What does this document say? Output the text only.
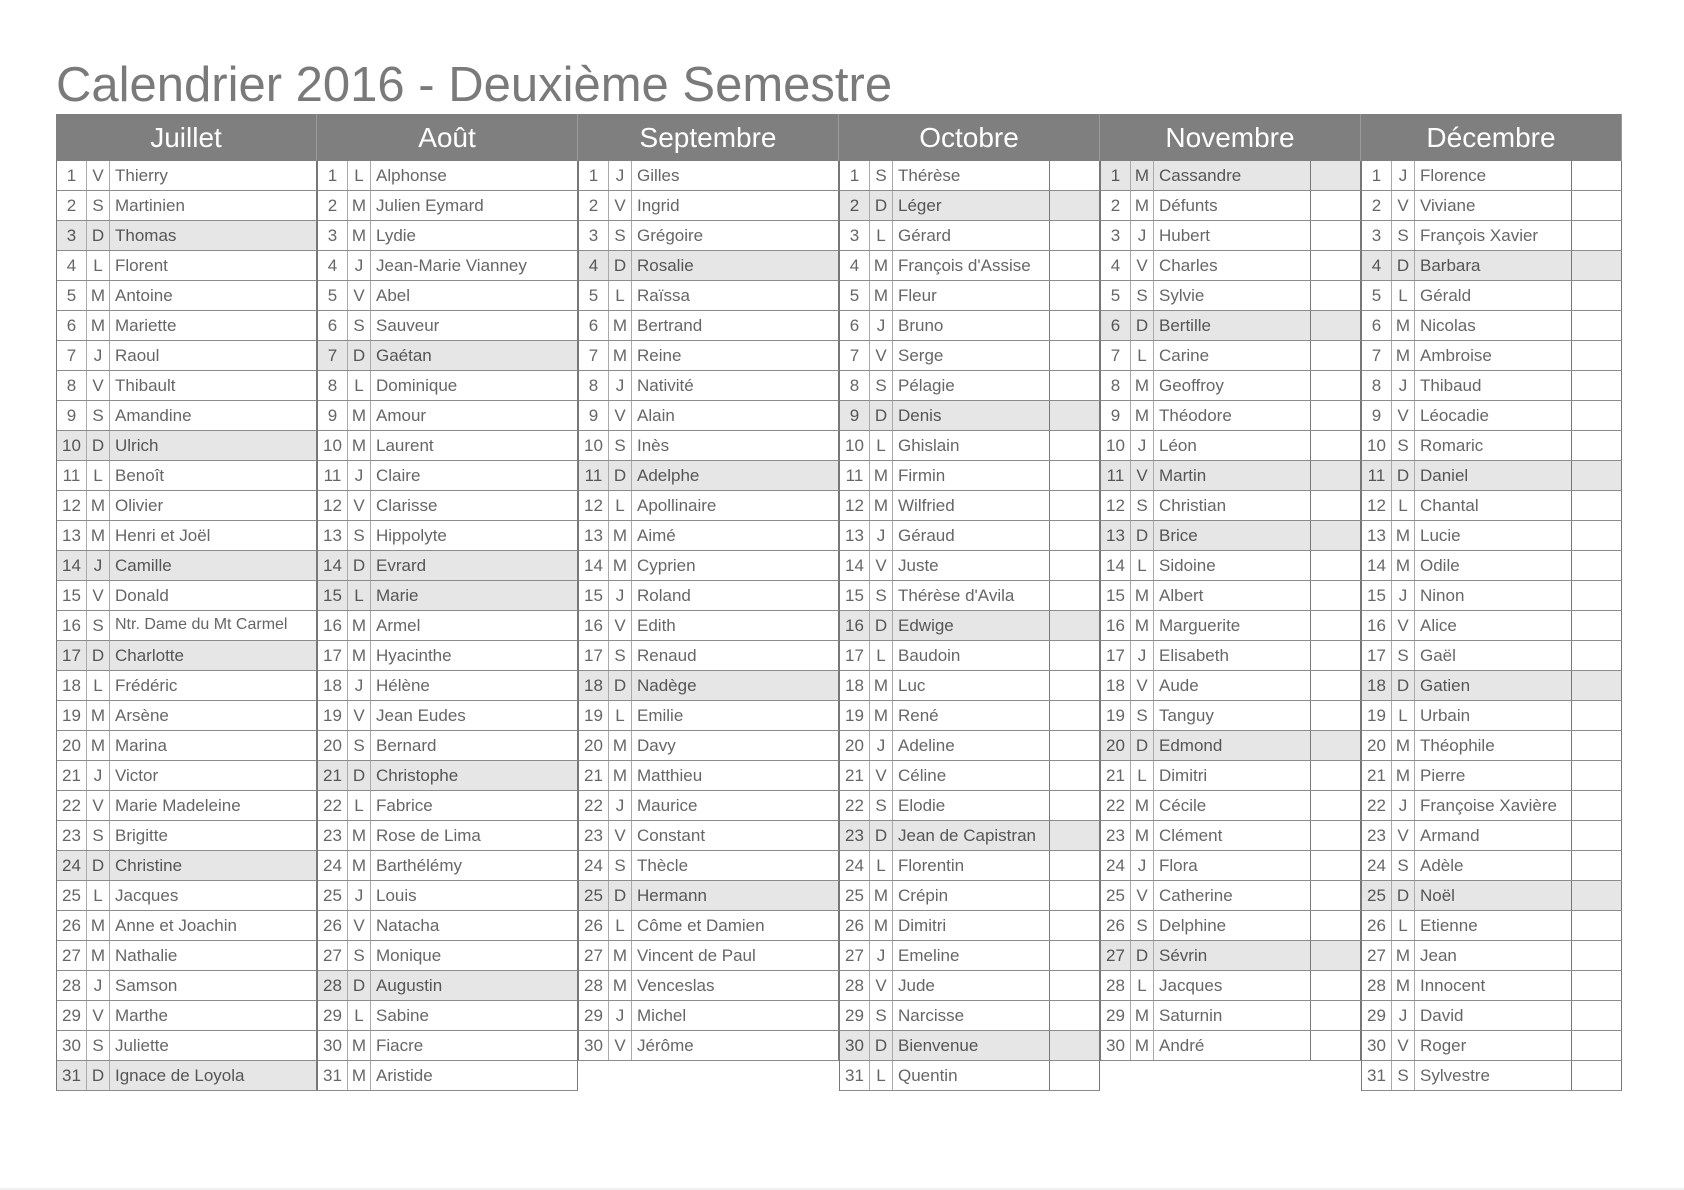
Calendrier 2016 - Deuxième Semestre
Juillet
1 V Thierry
2 S Martinien
3 D Thomas
4	L Florent
5 M Antoine
6 M Mariette
7	J Raoul
8 V Thibault
9 S Amandine
10 D Ulrich
11 L Benoît
12 M Olivier
13 M Henri et Joël
14 J Camille
15 V Donald
16 S Ntr. Dame du Mt Carmel
17 D Charlotte
18 L Frédéric
19 M Arsène
20 M Marina
21 J Victor
22 V Marie Madeleine
23 S Brigitte
24 D Christine
25 L Jacques
26 M Anne et Joachin
27 M Nathalie
28 J Samson
29 V Marthe
30 S Juliette
31 D Ignace de Loyola
Août
1	L Alphonse
2 M Julien Eymard
3 M Lydie
4	J Jean-Marie Vianney
5 V Abel
6 S Sauveur
7 D Gaétan
8	L Dominique
9 M Amour
10 M Laurent
11 J Claire
12 V Clarisse
13 S Hippolyte
14 D Evrard
15 L Marie
16 M Armel
17 M Hyacinthe
18 J Hélène
19 V Jean Eudes
20 S Bernard
21 D Christophe
22 L Fabrice
23 M Rose de Lima
24 M Barthélémy
25 J Louis
26 V Natacha
27 S Monique
28 D Augustin
29 L Sabine
30 M Fiacre
31 M Aristide
Septembre
1	J Gilles
2 V Ingrid
3 S Grégoire
4 D Rosalie
5	L Raïssa
6 M Bertrand
7 M Reine
8	J Nativité
9 V Alain
10 S Inès
11 D Adelphe
12 L Apollinaire
13 M Aimé
14 M Cyprien
15 J Roland
16 V Edith
17 S Renaud
18 D Nadège
19 L Emilie
20 M Davy
21 M Matthieu
22 J Maurice
23 V Constant
24 S Thècle
25 D Hermann
26 L Côme et Damien
27 M Vincent de Paul
28 M Venceslas
29 J Michel
30 V Jérôme
Octobre
1 S Thérèse
2 D Léger
3	L Gérard
4 M François d'Assise
5 M Fleur
6	J Bruno
7 V Serge
8 S Pélagie
9 D Denis
10 L Ghislain
11 M Firmin
12 M Wilfried
13 J Géraud
14 V Juste
15 S Thérèse d'Avila
16 D Edwige
17 L Baudoin
18 M Luc
19 M René
20 J Adeline
21 V Céline
22 S Elodie
23 D Jean de Capistran
24 L Florentin
25 M Crépin
26 M Dimitri
27 J Emeline
28 V Jude
29 S Narcisse
30 D Bienvenue
31 L Quentin
Novembre
1 M Cassandre
2 M Défunts
3	J Hubert
4 V Charles
5 S Sylvie
6 D Bertille
7	L Carine
8 M Geoffroy
9 M Théodore
10 J Léon
11 V Martin
12 S Christian
13 D Brice
14 L Sidoine
15 M Albert
16 M Marguerite
17 J Elisabeth
18 V Aude
19 S Tanguy
20 D Edmond
21 L Dimitri
22 M Cécile
23 M Clément
24 J Flora
25 V Catherine
26 S Delphine
27 D Sévrin
28 L Jacques
29 M Saturnin
30 M André
Décembre
1	J Florence
2 V Viviane
3 S François Xavier
4 D Barbara
5	L Gérald
6 M Nicolas
7 M Ambroise
8	J Thibaud
9 V Léocadie
10 S Romaric
11 D Daniel
12 L Chantal
13 M Lucie
14 M Odile
15 J Ninon
16 V Alice
17 S Gaël
18 D Gatien
19 L Urbain
20 M Théophile
21 M Pierre
22 J Françoise Xavière
23 V Armand
24 S Adèle
25 D Noël
26 L Etienne
27 M Jean
28 M Innocent
29 J David
30 V Roger
31 S Sylvestre
